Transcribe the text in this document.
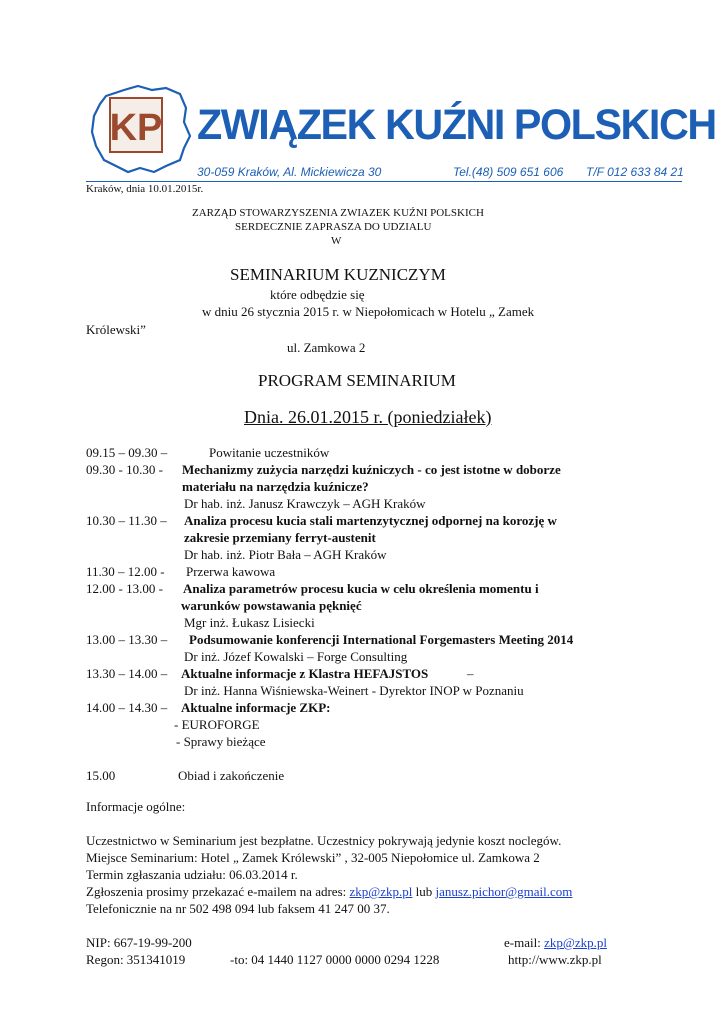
KP ZWIĄZEK KUŹNI POLSKICH
30-059 Kraków, Al. Mickiewicza 30	Tel.(48) 509 651 606 T/F 012 633 84 21
Kraków, dnia 10.01.2015r.
ZARZĄD STOWARZYSZENIA ZWIAZEK KUŹNI POLSKICH
SERDECZNIE ZAPRASZA DO UDZIALU
W
SEMINARIUM KUZNICZYM
które odbędzie się
w dniu 26 stycznia 2015 r. w Niepołomicach w Hotelu „ Zamek
Królewski”
ul. Zamkowa 2
PROGRAM SEMINARIUM
Dnia. 26.01.2015 r. (poniedziałek)
09.15 – 09.30 –	Powitanie uczestników
09.30 - 10.30 - Mechanizmy zużycia narzędzi kuźniczych - co jest istotne w doborze
materiału na narzędzia kuźnicze?
Dr hab. inż. Janusz Krawczyk – AGH Kraków
10.30 – 11.30 – Analiza procesu kucia stali martenzytycznej odpornej na korozję w
zakresie przemiany ferryt-austenit
Dr hab. inż. Piotr Bała – AGH Kraków
11.30 – 12.00 - Przerwa kawowa
12.00 - 13.00 - Analiza parametrów procesu kucia w celu określenia momentu i
warunków powstawania pęknięć
Mgr inż. Łukasz Lisiecki
13.00 – 13.30 – Podsumowanie konferencji International Forgemasters Meeting 2014
Dr inż. Józef Kowalski – Forge Consulting
13.30 – 14.00 – Aktualne informacje z Klastra HEFAJSTOS	–
Dr inż. Hanna Wiśniewska-Weinert - Dyrektor INOP w Poznaniu
14.00 – 14.30 – Aktualne informacje ZKP:
- EUROFORGE
- Sprawy bieżące
15.00	Obiad i zakończenie
Informacje ogólne:
Uczestnictwo w Seminarium jest bezpłatne. Uczestnicy pokrywają jedynie koszt noclegów.
Miejsce Seminarium: Hotel „ Zamek Królewski” , 32-005 Niepołomice ul. Zamkowa 2
Termin zgłaszania udziału: 06.03.2014 r.
Zgłoszenia prosimy przekazać e-mailem na adres: zkp@zkp.pl lub janusz.pichor@gmail.com
Telefonicznie na nr 502 498 094 lub faksem 41 247 00 37.
NIP: 667-19-99-200
Regon: 351341019	-to: 04 1440 1127 0000 0000 0294 1228
e-mail: zkp@zkp.pl
http://www.zkp.pl
